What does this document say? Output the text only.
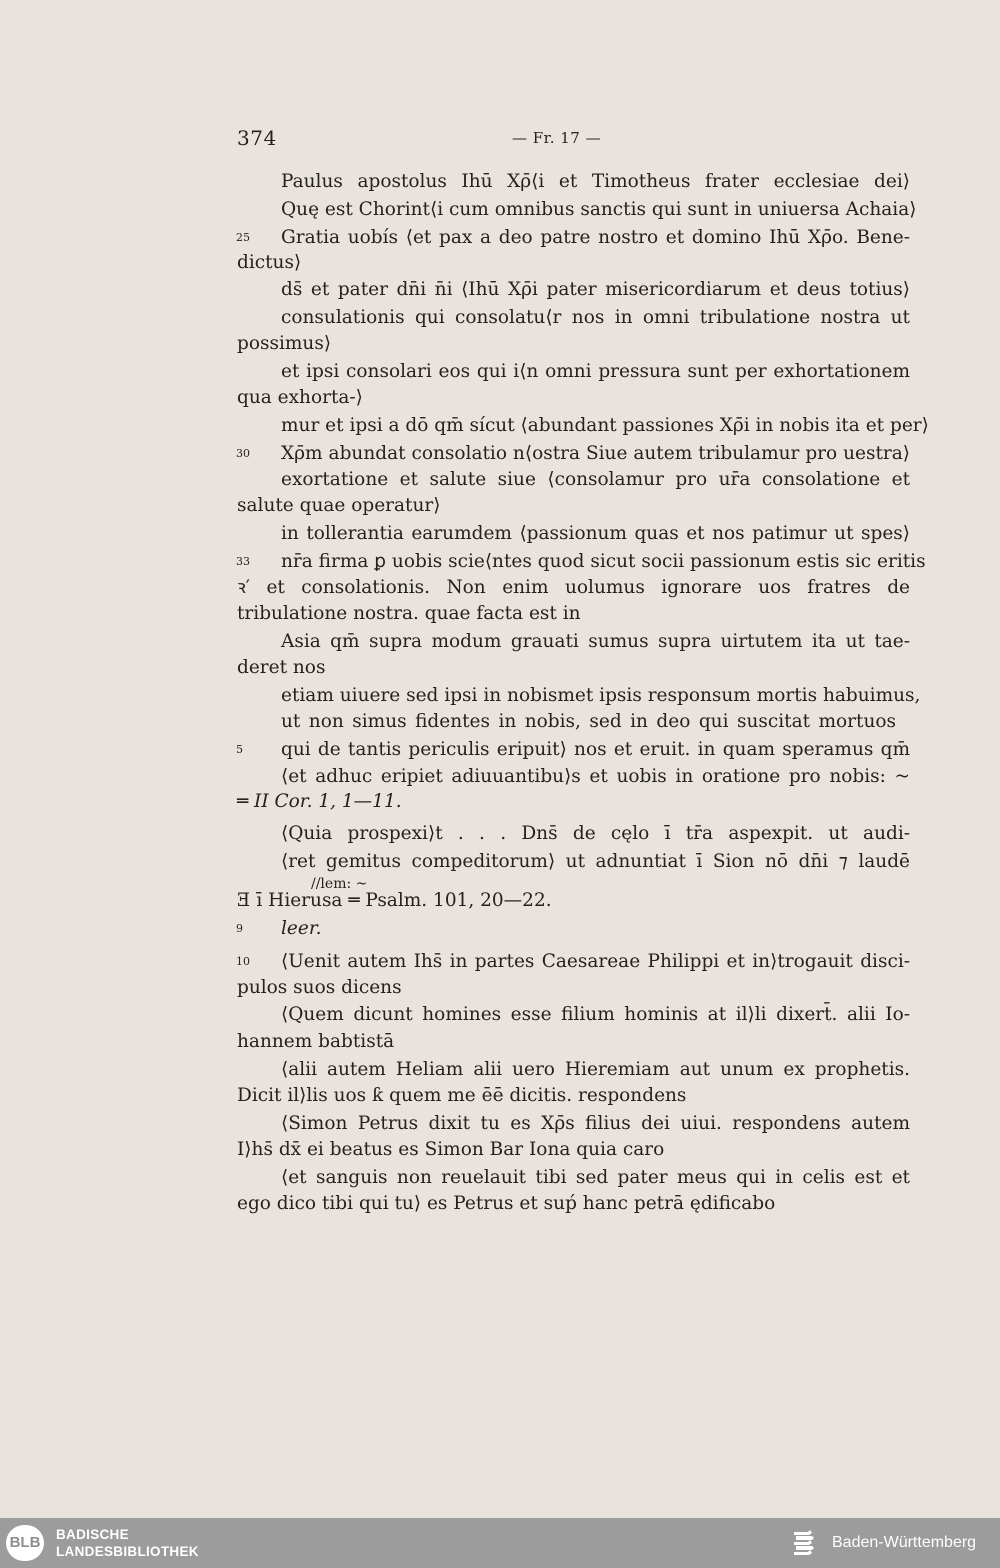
374	— Fr. 17 —
Paulus apostolus Ihū Xρ̄⟨i et Timotheus frater ecclesiae dei⟩
Quę est Chorint⟨i cum omnibus sanctis qui sunt in uniuersa Achaia⟩
25	Gratia uobís ⟨et pax a deo patre nostro et domino Ihū Xρ̄o. Bene-
dictus⟩
ds̄ et pater dn̄i n̄i ⟨Ihū Xρ̄i pater misericordiarum et deus totius⟩
consulationis qui consolatu⟨r nos in omni tribulatione nostra ut
possimus⟩
et ipsi consolari eos qui i⟨n omni pressura sunt per exhortationem
qua exhorta-⟩
mur et ipsi a dō qm̄ sícut ⟨abundant passiones Xρ̄i in nobis ita et per⟩
30	Xρ̄m abundat consolatio n⟨ostra Siue autem tribulamur pro uestra⟩
exortatione et salute siue ⟨consolamur pro ur̄a consolatione et
salute quae operatur⟩
in tollerantia earumdem ⟨passionum quas et nos patimur ut spes⟩
33	nr̄a firma ꝑ uobis scie⟨ntes quod sicut socii passionum estis sic eritis
ꝛ′ et consolationis. Non enim uolumus ignorare uos fratres de
tribulatione nostra. quae facta est in
Asia qm̄ supra modum grauati sumus supra uirtutem ita ut tae-
deret nos
etiam uiuere sed ipsi in nobismet ipsis responsum mortis habuimus,
ut non simus fidentes in nobis, sed in deo qui suscitat mortuos
5	qui de tantis periculis eripuit⟩ nos et eruit. in quam speramus qm̄
⟨et adhuc eripiet adiuuantibu⟩s et uobis in oratione pro nobis: ~
═ II Cor. 1, 1—11.
⟨Quia prospexi⟩t . . . Dns̄ de cęlo ī tr̄a aspexpit. ut audi-
⟨ret gemitus compeditorum⟩ ut adnuntiat ī Sion nō dn̄i ⁊ laudē
//lem: ~
Ǝ ī Hierusa ═ Psalm. 101, 20—22.
9	leer.
10	⟨Uenit autem Ihs̄ in partes Caesareae Philippi et in⟩trogauit disci-
pulos suos dicens
⟨Quem dicunt homines esse filium hominis at il⟩li dixert̄. alii Io-
hannem babtistā
⟨alii autem Heliam alii uero Hieremiam aut unum ex prophetis.
Dicit il⟩lis uos ƙ quem me ēē dicitis. respondens
⟨Simon Petrus dixit tu es Xρ̄s filius dei uiui. respondens autem
I⟩hs̄ dx̄ ei beatus es Simon Bar Iona quia caro
⟨et sanguis non reuelauit tibi sed pater meus qui in celis est et
ego dico tibi qui tu⟩ es Petrus et suṕ hanc petrā ędificabo
BLB BADISCHE
LANDESBIBLIOTHEK
Baden-Württemberg
